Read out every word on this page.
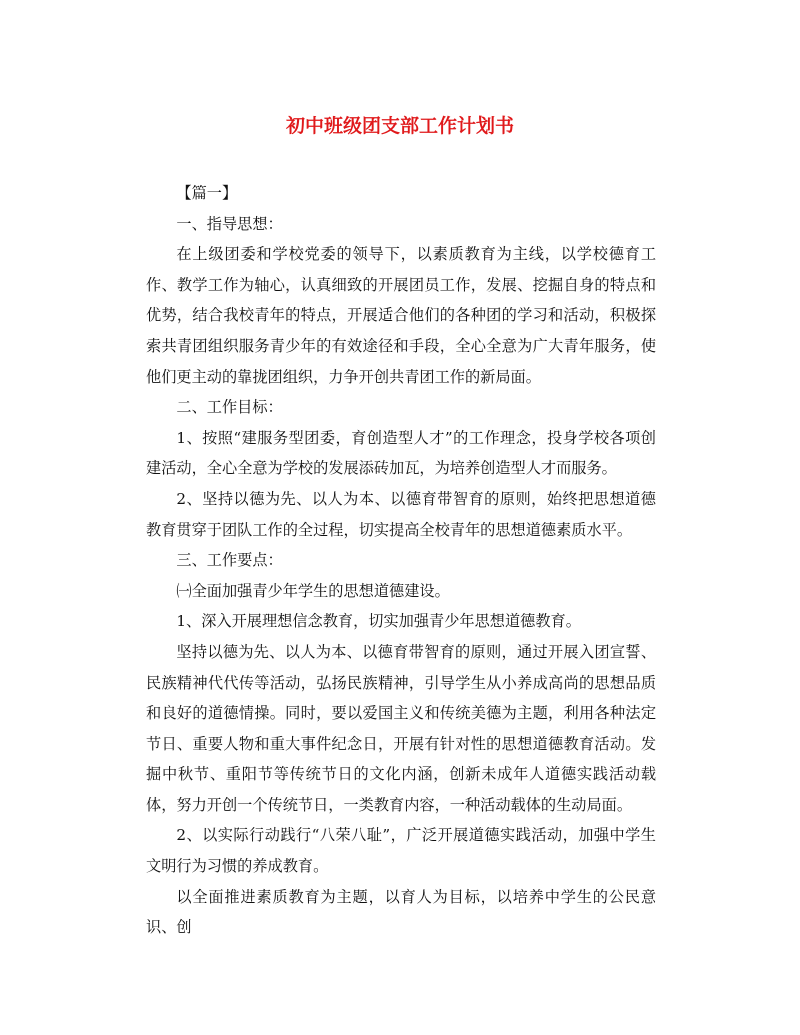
初中班级团支部工作计划书

【篇一】

一、指导思想：

在上级团委和学校党委的领导下，以素质教育为主线，以学校德育工作、教学工作为轴心，认真细致的开展团员工作，发展、挖掘自身的特点和优势，结合我校青年的特点，开展适合他们的各种团的学习和活动，积极探索共青团组织服务青少年的有效途径和手段，全心全意为广大青年服务，使他们更主动的靠拢团组织，力争开创共青团工作的新局面。

二、工作目标：

1、按照“建服务型团委，育创造型人才”的工作理念，投身学校各项创建活动，全心全意为学校的发展添砖加瓦，为培养创造型人才而服务。

2、坚持以德为先、以人为本、以德育带智育的原则，始终把思想道德教育贯穿于团队工作的全过程，切实提高全校青年的思想道德素质水平。

三、工作要点：

㈠全面加强青少年学生的思想道德建设。

1、深入开展理想信念教育，切实加强青少年思想道德教育。

坚持以德为先、以人为本、以德育带智育的原则，通过开展入团宣誓、民族精神代代传等活动，弘扬民族精神，引导学生从小养成高尚的思想品质和良好的道德情操。同时，要以爱国主义和传统美德为主题，利用各种法定节日、重要人物和重大事件纪念日，开展有针对性的思想道德教育活动。发掘中秋节、重阳节等传统节日的文化内涵，创新未成年人道德实践活动载体，努力开创一个传统节日，一类教育内容，一种活动载体的生动局面。

2、以实际行动践行“八荣八耻”，广泛开展道德实践活动，加强中学生文明行为习惯的养成教育。

以全面推进素质教育为主题，以育人为目标，以培养中学生的公民意识、创
